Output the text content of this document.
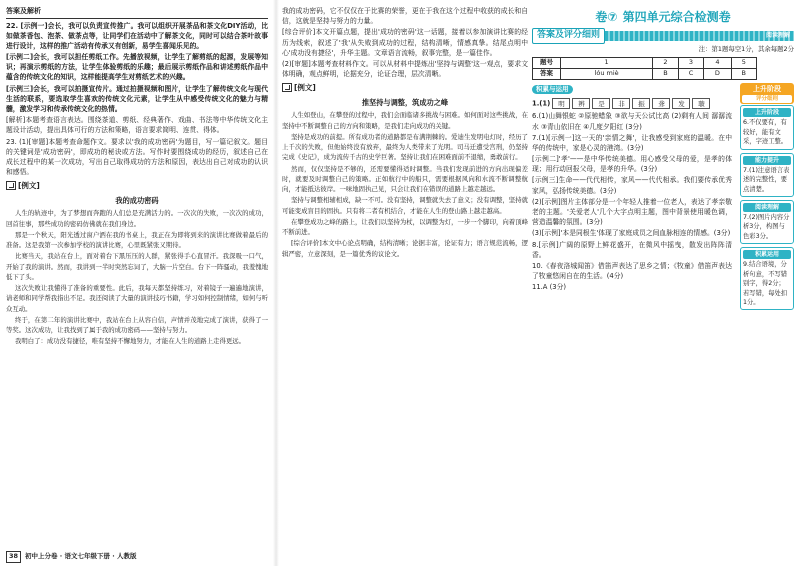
答案及解析

22. [示例一]会长，我可以负责宣传推广。我可以组织开展茶品和茶文化DIY活动，比如做茶香包、泡茶、做茶点等，让同学们在活动中了解茶文化，同时可以结合茶叶故事进行设计，这样的推广活动有传承又有创新，易学生喜闻乐见的。

[示例二]会长，我可以担任剪纸工作。先播放视频，让学生了解剪纸的起源，发展等知识；再演示剪纸的方法，让学生体验剪纸的乐趣；最后展示剪纸作品和讲述剪纸作品中蕴含的传统文化的知识，这样能提高学生对剪纸艺术的兴趣。

[示例三]会长，我可以拍摄宣传片。通过拍摄视频和图片，让学生了解传统文化与现代生活的联系，要选取学生喜欢的传统文化元素，让学生从中感受传统文化的魅力与精髓，激发学习和传承传统文化的热情。

[解析]本题考查语言表达。围绕茶道、剪纸、经典著作、戏曲、书法等中华传统文化主题设计活动，提出具体可行的方法和策略，语言要求简明、连贯、得体。

23. (1)[审题]本题考查命题作文。要求以'我的成功密码'为题目，写一篇记叙文。题目的关键词是'成功密码'，即成功的秘诀或方法。写作时要围绕成功的经历，叙述自己在成长过程中的某一次成功，写出自己取得成功的方法和原因，表达出自己对成功的认识和感悟。

[例文]
我的成功密码

人生的轨迹中，为了梦想而奔跑的人们总是充满活力的。一次次的失败，一次次的成功，回首往事，那些成功的密码仿佛就在我们身边。

那是一个秋天，阳光透过窗户洒在我的书桌上，我正在为即将到来的演讲比赛做着最后的准备。这是我第一次参加学校的演讲比赛，心里既紧张又期待。

比赛当天，我站在台上，面对着台下黑压压的人群，紧张得手心直冒汗。我深吸一口气，开始了我的演讲。然而，我讲到一半时突然忘词了，大脑一片空白。台下一阵骚动，我羞愧地低下了头。

这次失败让我懂得了准备的重要性。此后，我每天都坚持练习，对着镜子一遍遍地演讲，请老师和同学帮我指出不足。我还阅读了大量的演讲技巧书籍，学习如何控制情绪，如何与听众互动。

终于，在第二年的演讲比赛中，我站在台上从容自信，声情并茂地完成了演讲，获得了一等奖。这次成功，让我找到了属于我的成功密码——坚持与努力。

我明白了：成功没有捷径，唯有坚持不懈地努力，才能在人生的道路上走得更远。

我的成功密码，它不仅仅在于比赛的荣誉，更在于我在这个过程中收获的成长和自信，这就是坚持与努力的力量。

[综合评价]本文开篇点题，提出'成功的密码'这一话题，接着以参加演讲比赛的经历为线索，叙述了'我'从失败到成功的过程，结构清晰，情感真挚。结尾点明中心'成功没有捷径'，升华主题。文章语言流畅，叙事完整，是一篇佳作。

(2)[审题]本题考查材料作文。可以从材料中提炼出'坚持与调整'这一观点，要求文体明确，观点鲜明，论据充分，论证合理，层次清晰。

[例文]
推坚持与调整，筑成功之峰

人生如登山，在攀登的过程中，我们会面临诸多挑战与困难。如何面对这些挑战，在坚持中不断调整自己的方向和策略，是我们走向成功的关键。

坚持是成功的前提。所有成功者的道路都是布满荆棘的。爱迪生发明电灯时，经历了上千次的失败，但他始终没有放弃，最终为人类带来了光明。司马迁遭受宫刑，仍坚持完成《史记》，成为流传千古的史学巨著。坚持让我们在困难面前不退缩，勇敢前行。

然而，仅仅坚持是不够的，还需要懂得适时调整。当我们发现前进的方向出现偏差时，就要及时调整自己的策略。正如航行中的船只，需要根据风向和水流不断调整航向，才能抵达彼岸。一味地固执己见，只会让我们在错误的道路上越走越远。

坚持与调整相辅相成，缺一不可。没有坚持，调整就失去了意义；没有调整，坚持就可能变成盲目的固执。只有将二者有机结合，才能在人生的登山路上越走越高。

在攀登成功之峰的路上，让我们以坚持为杖，以调整为灯，一步一个脚印，向着顶峰不断前进。

[综合评价]本文中心论点明确，结构清晰；论据丰富，论证有力；语言规范流畅，逻辑严密，立意深刻，是一篇优秀的议论文。

卷⑦ 第四单元综合检测卷
答案及评分细则	阅读理解
注：第1题每空1分，其余每题2分
题号	1	2	3	4	5
答案	lóu miè	B	C	D	B
积累与运用
1.(1)	明	辨	是	非	振	聋	发	聩

6.(1)山舞银蛇 ②原驰蜡象 ③欲与天公试比高 (2)剩有人间 潺潺流水 ③青山依旧在 ④几度夕阳红 (3分)

7.(1)[示例一]这一天的'亲情之舞'，让我感受到家庭的温暖。在中华的传统中，家是心灵的港湾。(3分)

[示例二]'孝'——是中华传统美德。用心感受父母的爱，是孝的体现；用行动回报父母，是孝的升华。(3分)

[示例三]生命——代代相传，家风——代代相承。我们要传承优秀家风，弘扬传统美德。(3分)

(2)[示例]图片主体部分是一个年轻人推着一位老人，表达了孝亲敬老的主题。'关爱老人'几个大字点明主题，图中背景使用暖色调，营造温馨的氛围。(3分)

(3)[示例]'本是同根生'体现了家庭成员之间血脉相连的情感。(3分)

8.[示例]广阔的原野上鲜花盛开，在微风中摇曳，散发出阵阵清香。

10.《春夜洛城闻笛》借笛声表达了思乡之情；《牧童》借笛声表达了牧童悠闲自在的生活。(4分)

11.A (3分)

上升阶段
评分细则
上升阶段
6.不仅要有，有较好，能有文采，字迹工整。
能力提升
7.(1)注意语言表述的完整性，要点清楚。
阅读理解
7.(2)图片内容分析3分，构图与色彩3分。
积累运用
9.结合语境，分析句意，不写错别字，得2分；若写错，每处扣1分。
38	初中上分卷 · 语文七年级下册 · 人教版
